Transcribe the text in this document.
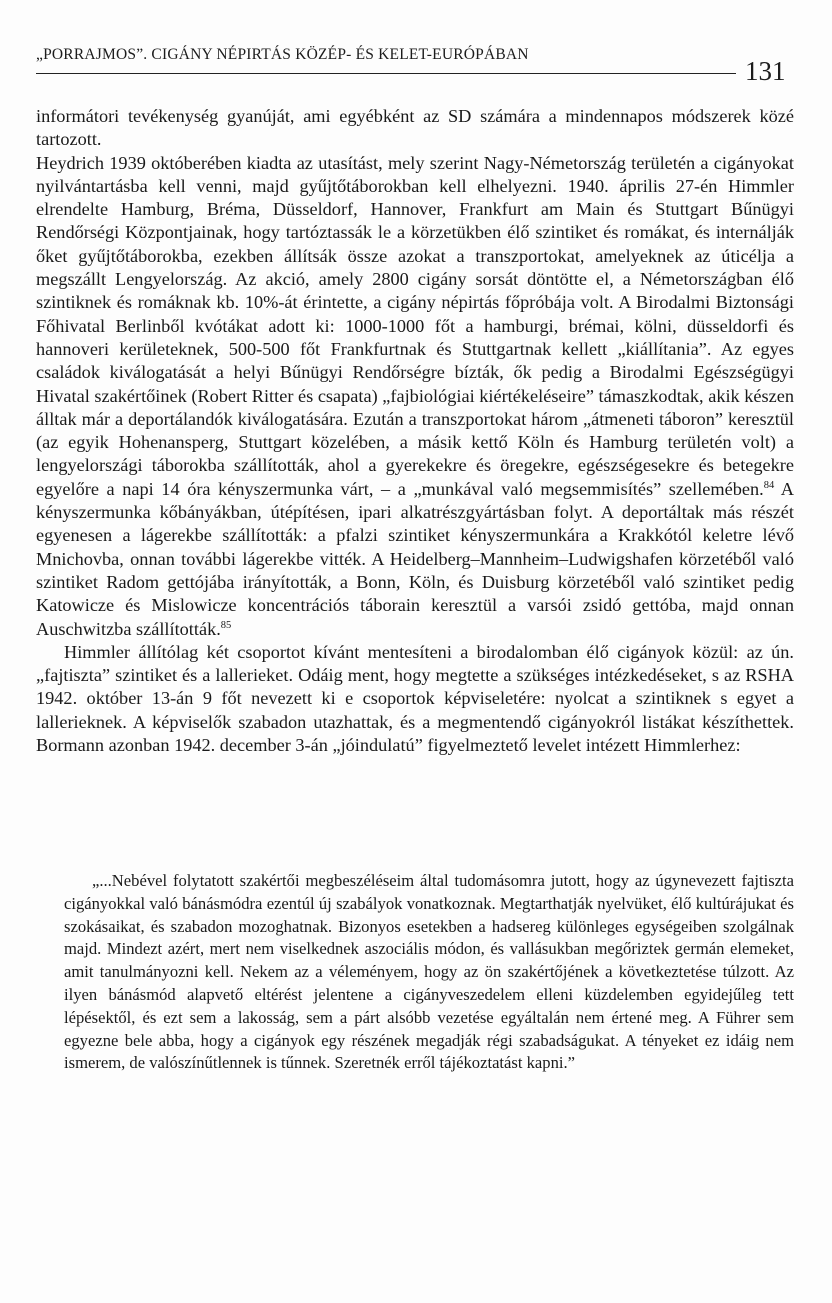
„PORRAJMOS”. CIGÁNY NÉPIRTÁS KÖZÉP- ÉS KELET-EURÓPÁBAN
131

informátori tevékenység gyanúját, ami egyébként az SD számára a mindennapos módszerek közé tartozott.

Heydrich 1939 októberében kiadta az utasítást, mely szerint Nagy-Németország területén a cigányokat nyilvántartásba kell venni, majd gyűjtőtáborokban kell elhelyezni. 1940. április 27-én Himmler elrendelte Hamburg, Bréma, Düsseldorf, Hannover, Frankfurt am Main és Stuttgart Bűnügyi Rendőrségi Központjainak, hogy tartóztassák le a körzetükben élő szintiket és romákat, és internálják őket gyűjtőtáborokba, ezekben állítsák össze azokat a transzportokat, amelyeknek az úticélja a megszállt Lengyelország. Az akció, amely 2800 cigány sorsát döntötte el, a Németországban élő szintiknek és romáknak kb. 10%-át érintette, a cigány népirtás főpróbája volt. A Birodalmi Biztonsági Főhivatal Berlinből kvótákat adott ki: 1000-1000 főt a hamburgi, brémai, kölni, düsseldorfi és hannoveri kerületeknek, 500-500 főt Frankfurtnak és Stuttgartnak kellett „kiállítania”. Az egyes családok kiválogatását a helyi Bűnügyi Rendőrségre bízták, ők pedig a Birodalmi Egészségügyi Hivatal szakértőinek (Robert Ritter és csapata) „fajbiológiai kiértékeléseire” támaszkodtak, akik készen álltak már a deportálandók kiválogatására. Ezután a transzportokat három „átmeneti táboron” keresztül (az egyik Hohenansperg, Stuttgart közelében, a másik kettő Köln és Hamburg területén volt) a lengyelországi táborokba szállították, ahol a gyerekekre és öregekre, egészségesekre és betegekre egyelőre a napi 14 óra kényszermunka várt, – a „munkával való megsemmisítés” szellemében.$^{84}$ A kényszermunka kőbányákban, útépítésen, ipari alkatrészgyártásban folyt. A deportáltak más részét egyenesen a lágerekbe szállították: a pfalzi szintiket kényszermunkára a Krakkótól keletre lévő Mnichovba, onnan további lágerekbe vitték. A Heidelberg–Mannheim–Ludwigshafen körzetéből való szintiket Radom gettójába irányították, a Bonn, Köln, és Duisburg körzetéből való szintiket pedig Katowicze és Mislowicze koncentrációs táborain keresztül a varsói zsidó gettóba, majd onnan Auschwitzba szállították.$^{85}$

Himmler állítólag két csoportot kívánt mentesíteni a birodalomban élő cigányok közül: az ún. „fajtiszta” szintiket és a lallerieket. Odáig ment, hogy megtette a szükséges intézkedéseket, s az RSHA 1942. október 13-án 9 főt nevezett ki e csoportok képviseletére: nyolcat a szintiknek s egyet a lallerieknek. A képviselők szabadon utazhattak, és a megmentendő cigányokról listákat készíthettek. Bormann azonban 1942. december 3-án „jóindulatú” figyelmeztető levelet intézett Himmlerhez:

„...Nebével folytatott szakértői megbeszéléseim által tudomásomra jutott, hogy az úgynevezett fajtiszta cigányokkal való bánásmódra ezentúl új szabályok vonatkoznak. Megtarthatják nyelvüket, élő kultúrájukat és szokásaikat, és szabadon mozoghatnak. Bizonyos esetekben a hadsereg különleges egységeiben szolgálnak majd. Mindezt azért, mert nem viselkednek aszociális módon, és vallásukban megőriztek germán elemeket, amit tanulmányozni kell. Nekem az a véleményem, hogy az ön szakértőjének a következtetése túlzott. Az ilyen bánásmód alapvető eltérést jelentene a cigányveszedelem elleni küzdelemben egyidejűleg tett lépésektől, és ezt sem a lakosság, sem a párt alsóbb vezetése egyáltalán nem értené meg. A Führer sem egyezne bele abba, hogy a cigányok egy részének megadják régi szabadságukat. A tényeket ez idáig nem ismerem, de valószínűtlennek is tűnnek. Szeretnék erről tájékoztatást kapni.”
